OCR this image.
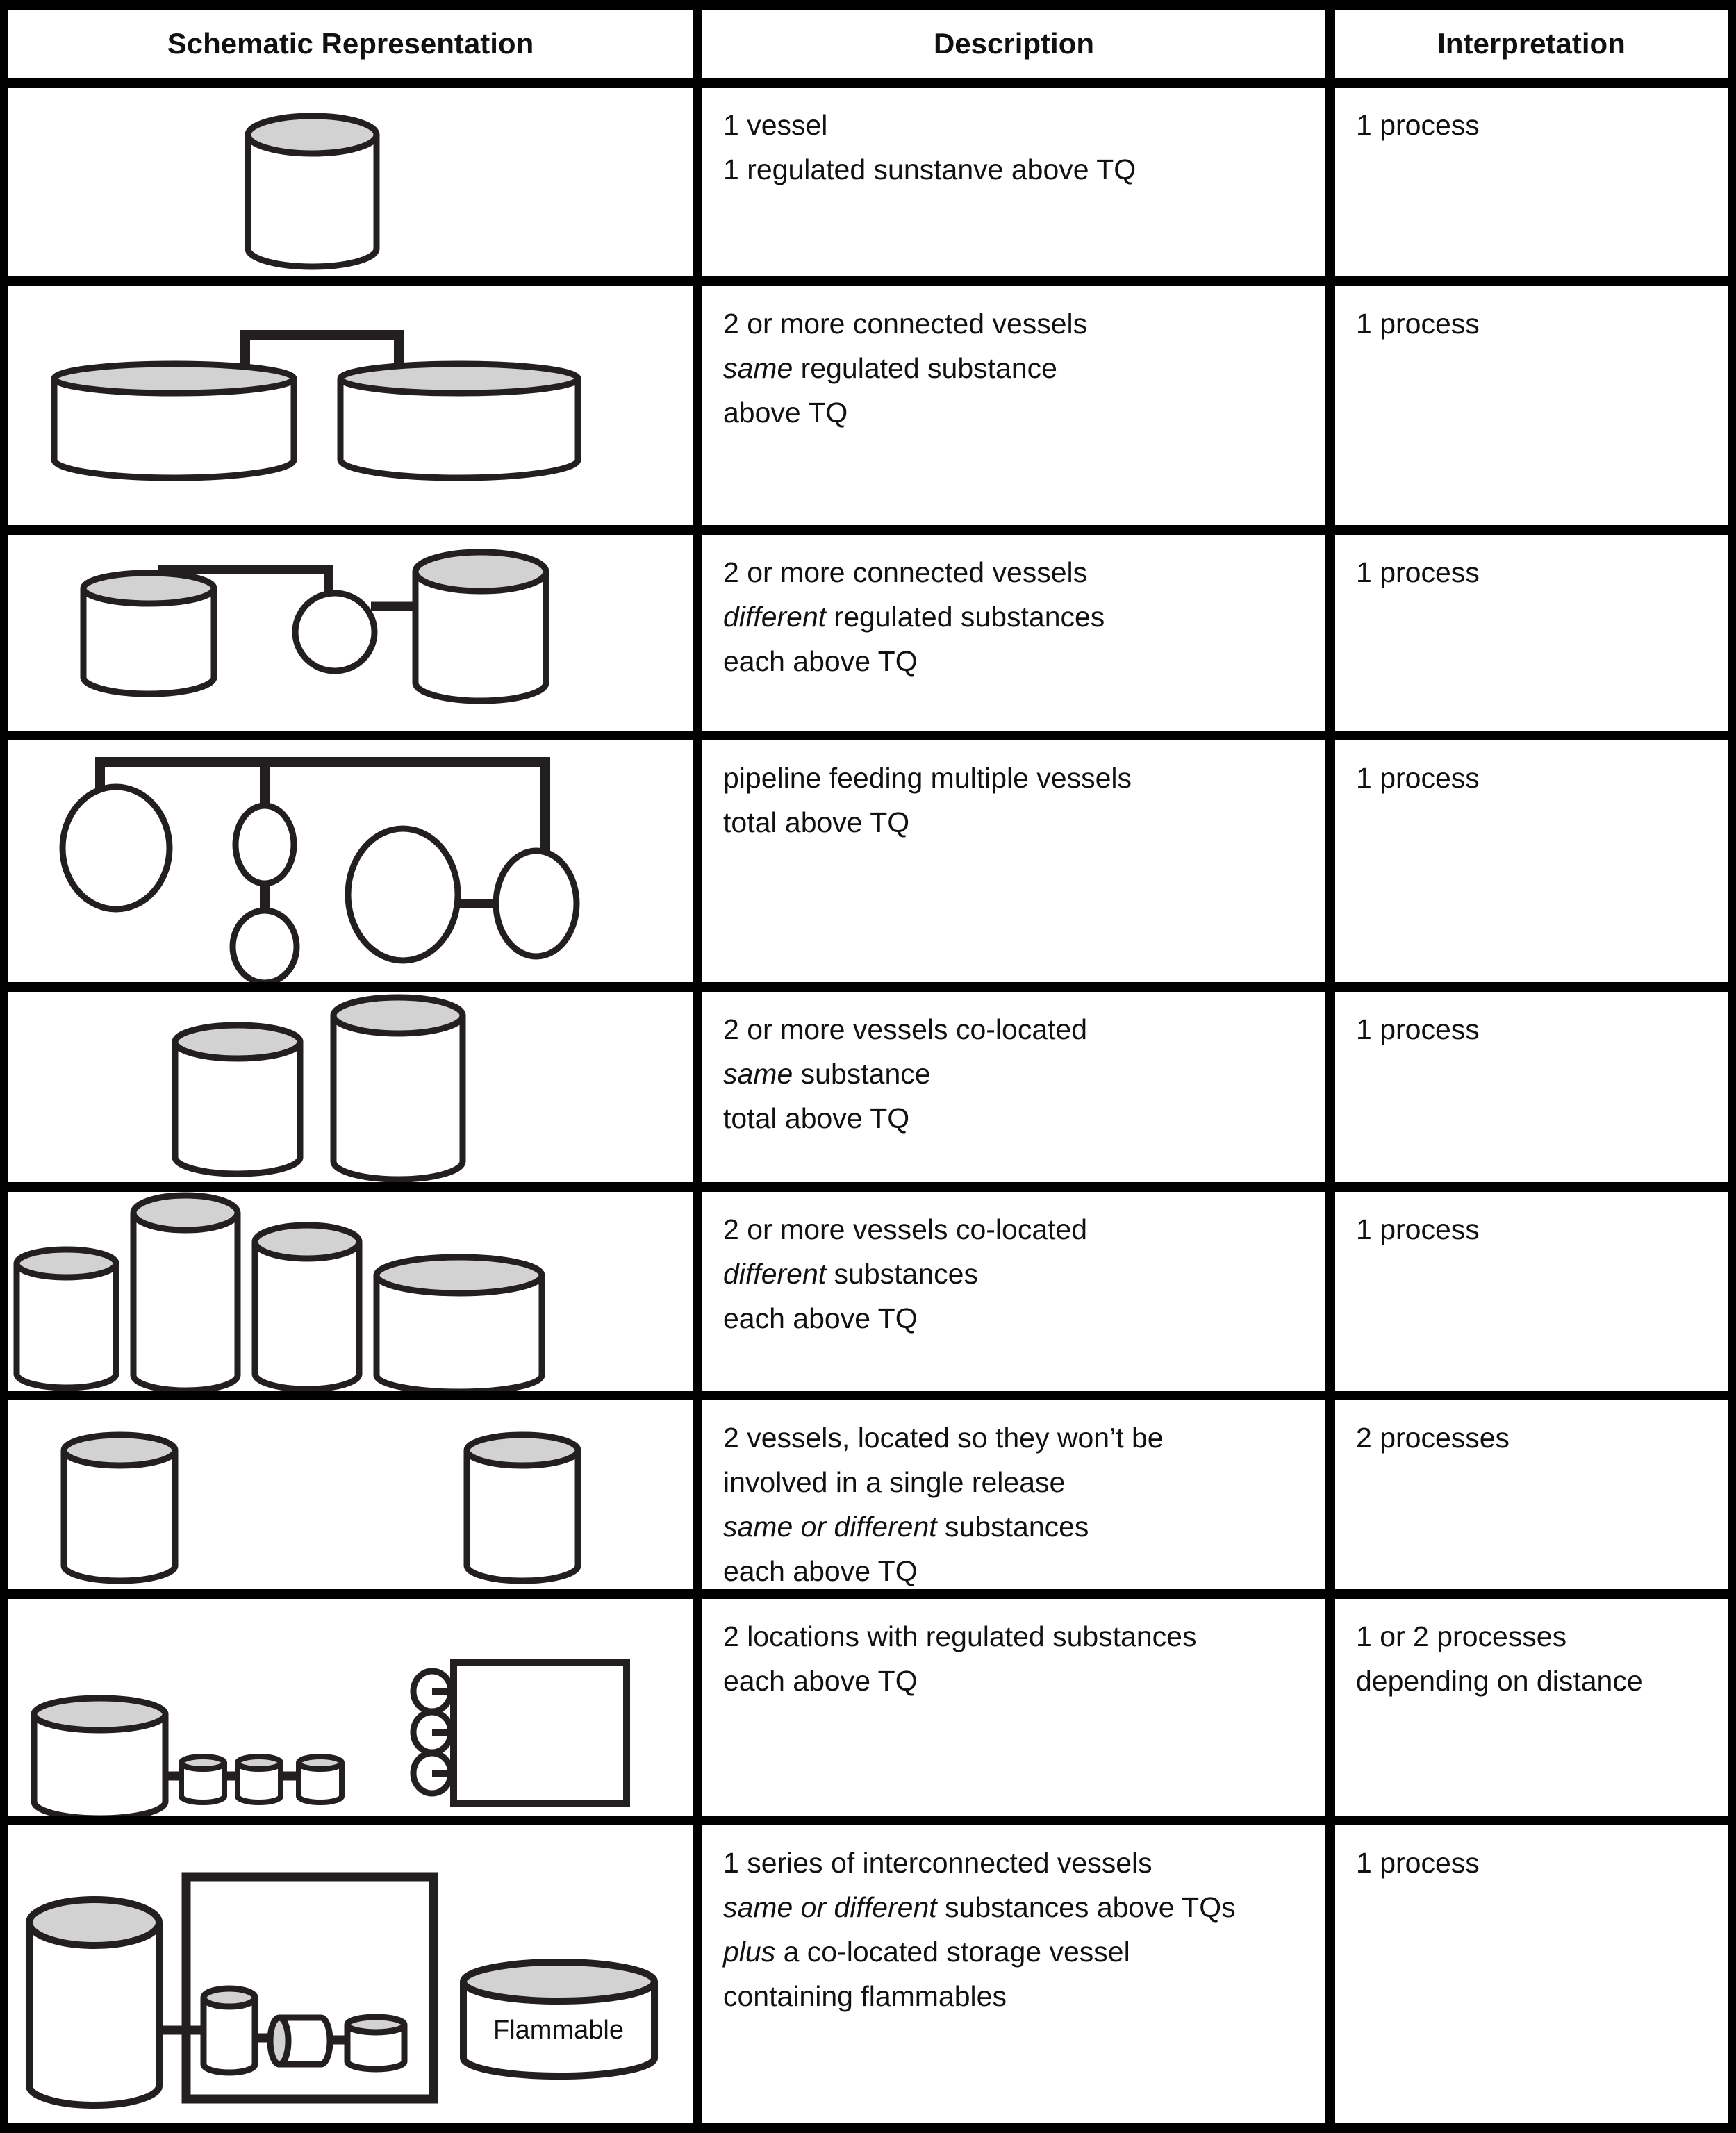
Schematic Representation	Description	Interpretation
1 vessel
1 regulated sunstanve above TQ
1 process
2 or more connected vessels
same regulated substance
above TQ
1 process
2 or more connected vessels
different regulated substances
each above TQ
1 process
pipeline feeding multiple vessels
total above TQ
1 process
2 or more vessels co-located
same substance
total above TQ
1 process
2 or more vessels co-located
different substances
each above TQ
1 process
2 vessels, located so they won’t be
involved in a single release
same or different substances
each above TQ
2 processes
2 locations with regulated substances
each above TQ
1 or 2 processes
depending on distance
Flammable
1 series of interconnected vessels
same or different substances above TQs
plus a co-located storage vessel
containing flammables
1 process
